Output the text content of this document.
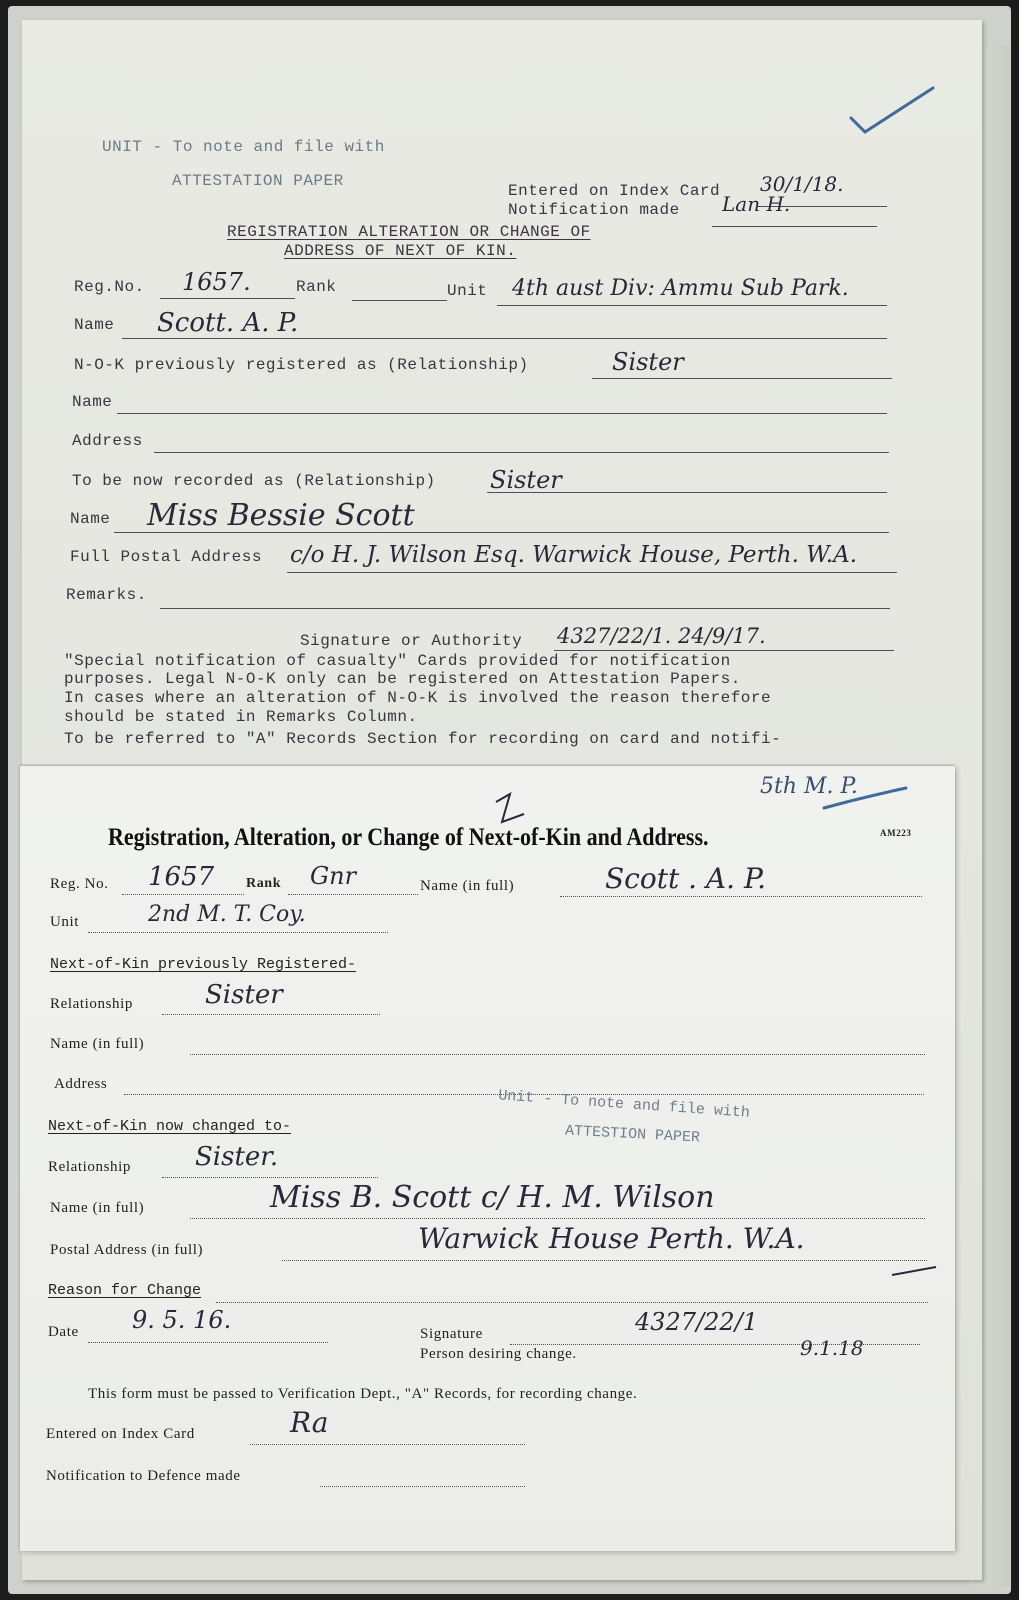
UNIT - To note and file with
ATTESTATION PAPER
Entered on Index Card 30/1/18.
Notification made Lan H.
REGISTRATION ALTERATION OR CHANGE OF
ADDRESS OF NEXT OF KIN.
Reg.No. 1657.	Rank	Unit 4th aust Div: Ammu Sub Park.
Name Scott. A. P.
N-O-K previously registered as (Relationship)	Sister
Name
Address
To be now recorded as (Relationship) Sister
Name Miss Bessie Scott
Full Postal Address c/o H. J. Wilson Esq. Warwick House, Perth. W.A.
Remarks.
Signature or Authority 4327/22/1. 24/9/17.
"Special notification of casualty" Cards provided for notification
purposes. Legal N-O-K only can be registered on Attestation Papers.
In cases where an alteration of N-O-K is involved the reason therefore
should be stated in Remarks Column.
To be referred to "A" Records Section for recording on card and notifi-
5th M. P.
Registration, Alteration, or Change of Next-of-Kin and Address.	AM223
Reg. No. 1657 Rank Gnr	Name (in full)	Scott . A. P.
Unit	2nd M. T. Coy.
Next-of-Kin previously Registered-
Relationship	Sister
Name (in full)
Address
Unit - To note and file with
ATTESTION PAPER
Next-of-Kin now changed to-
Relationship Sister.
Name (in full)	Miss B. Scott c/ H. M. Wilson
Postal Address (in full)	Warwick House Perth. W.A.
Reason for Change
Date 9. 5. 16.	Signature	4327/22/1
Person desiring change.	9.1.18
This form must be passed to Verification Dept., "A" Records, for recording change.
Entered on Index Card	Ra
Notification to Defence made
